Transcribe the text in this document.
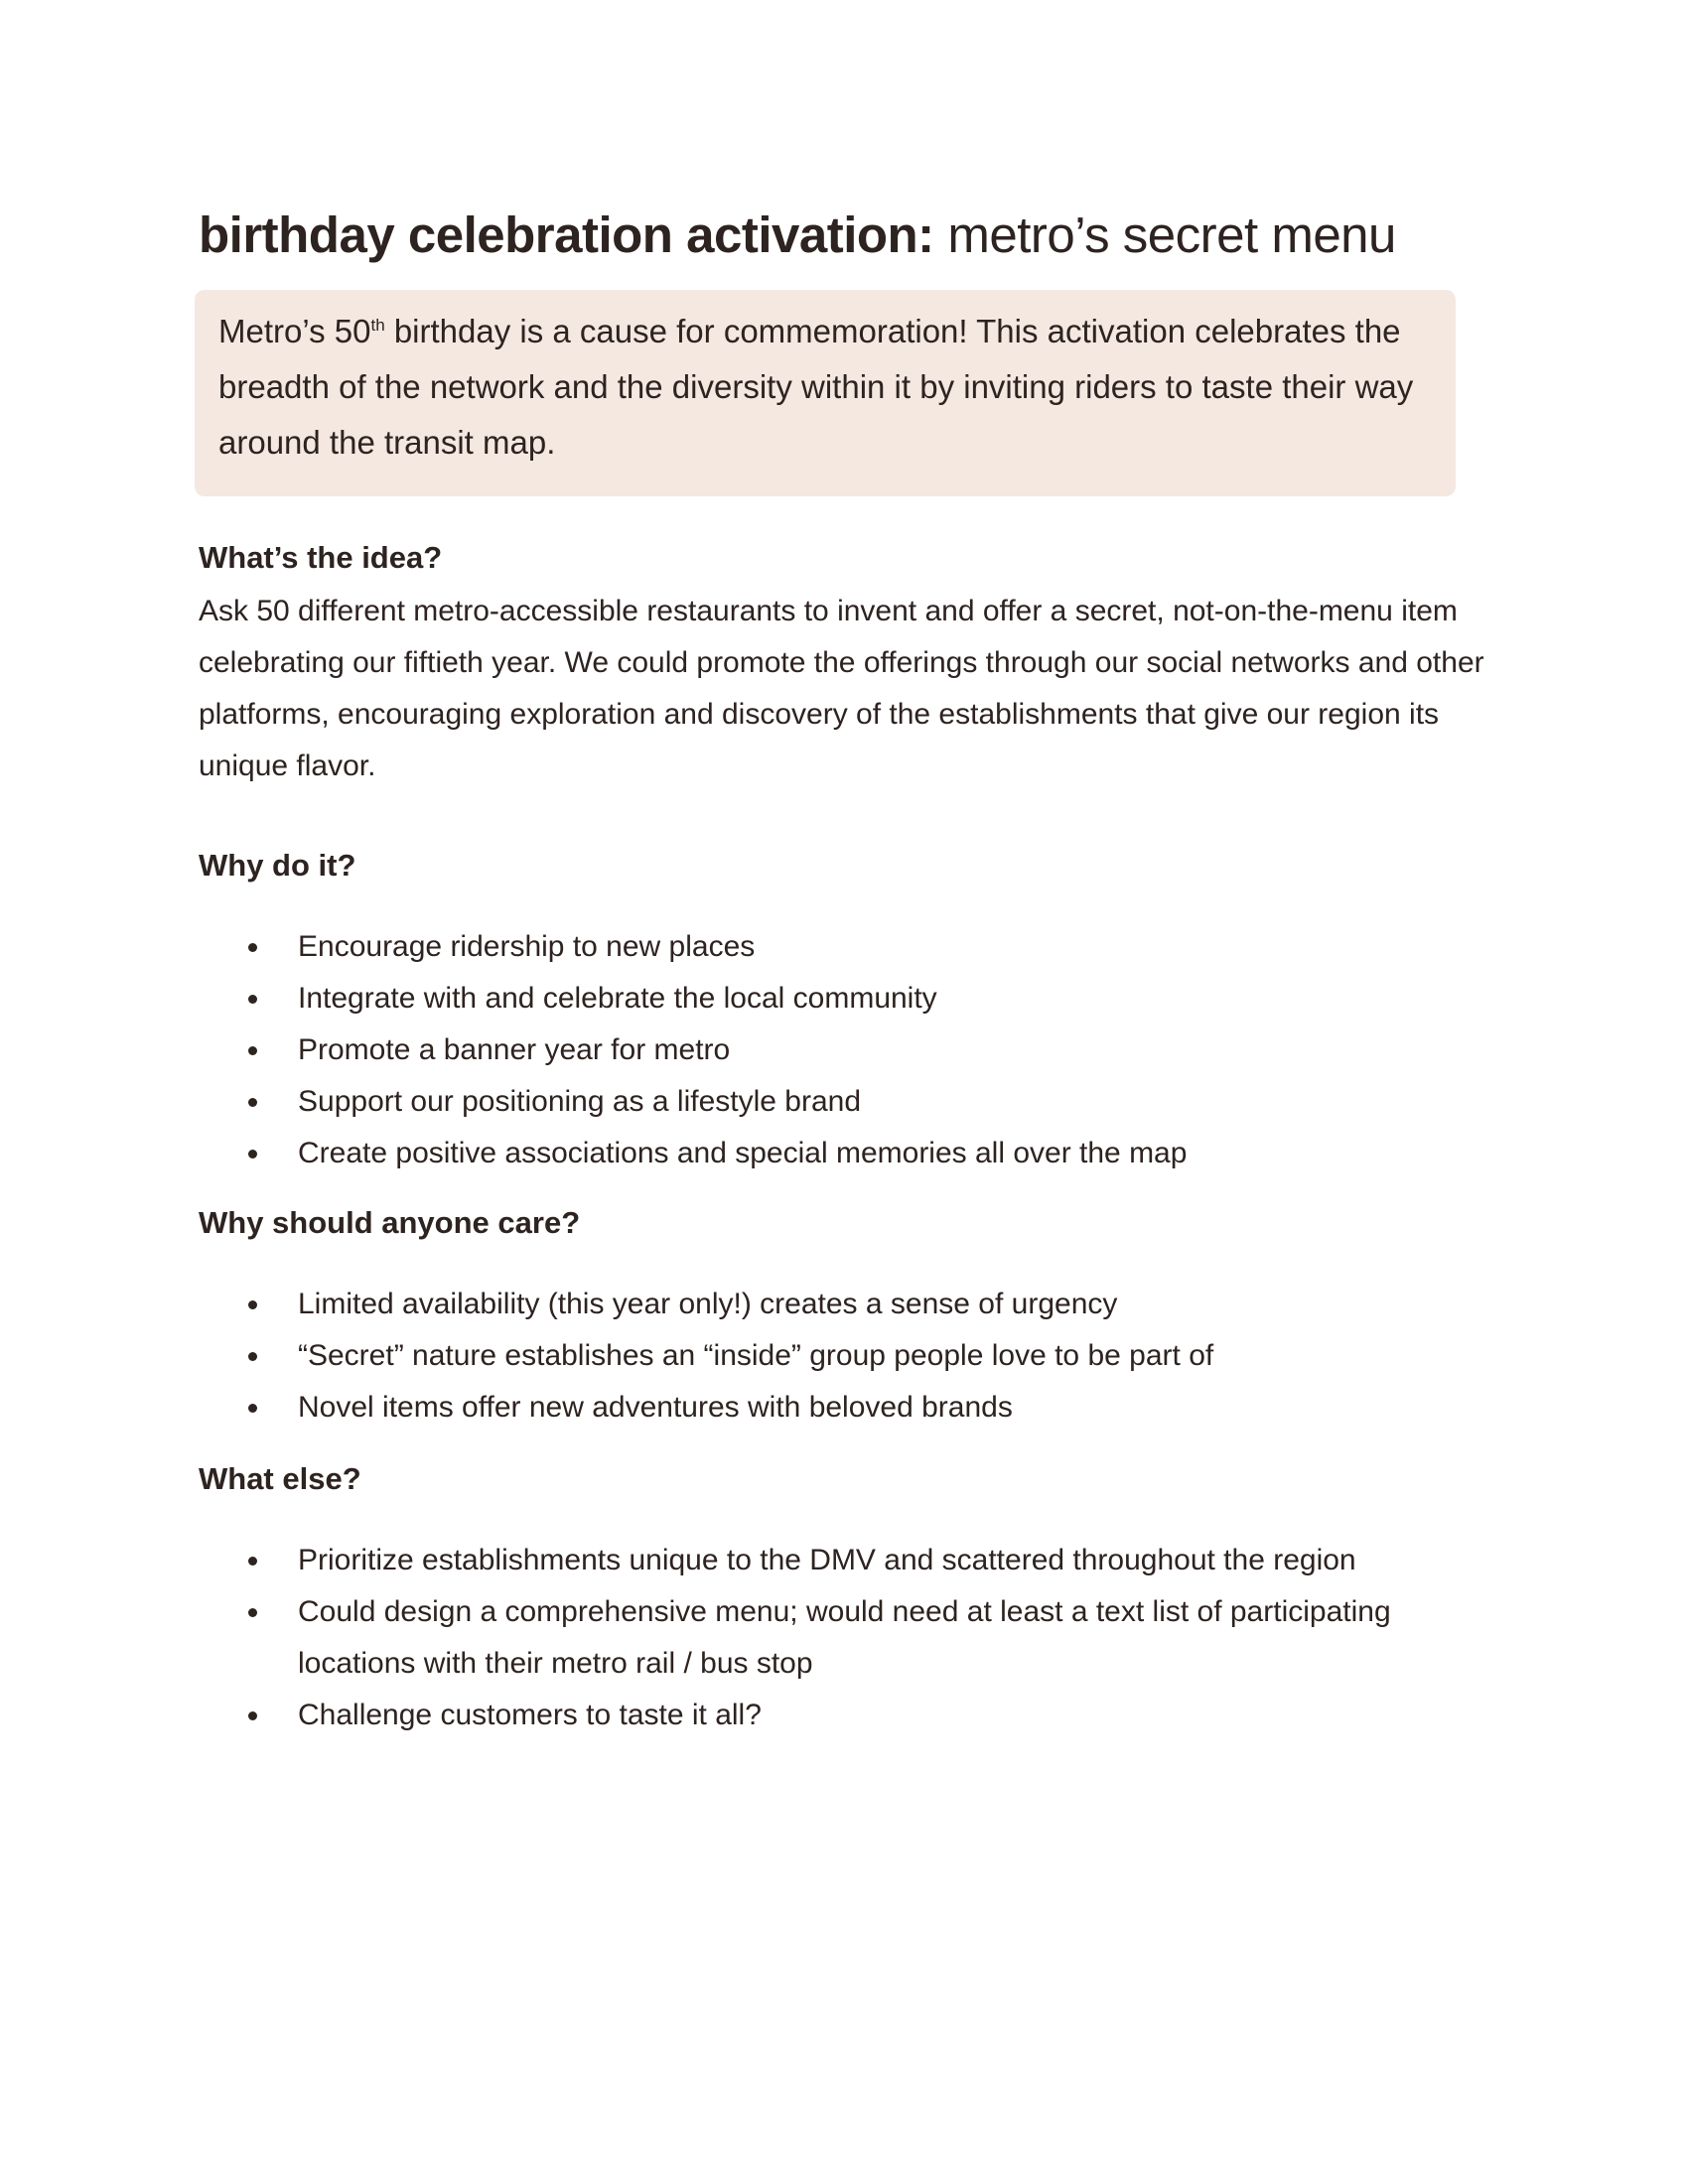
birthday celebration activation: metro’s secret menu
Metro’s 50th birthday is a cause for commemoration! This activation celebrates the breadth of the network and the diversity within it by inviting riders to taste their way around the transit map.
What’s the idea?

Ask 50 different metro-accessible restaurants to invent and offer a secret, not-on-the-menu item celebrating our fiftieth year. We could promote the offerings through our social networks and other platforms, encouraging exploration and discovery of the establishments that give our region its unique flavor.

Why do it?
Encourage ridership to new places
Integrate with and celebrate the local community
Promote a banner year for metro
Support our positioning as a lifestyle brand
Create positive associations and special memories all over the map
Why should anyone care?
Limited availability (this year only!) creates a sense of urgency
“Secret” nature establishes an “inside” group people love to be part of
Novel items offer new adventures with beloved brands
What else?
Prioritize establishments unique to the DMV and scattered throughout the region
Could design a comprehensive menu; would need at least a text list of participating locations with their metro rail / bus stop
Challenge customers to taste it all?
